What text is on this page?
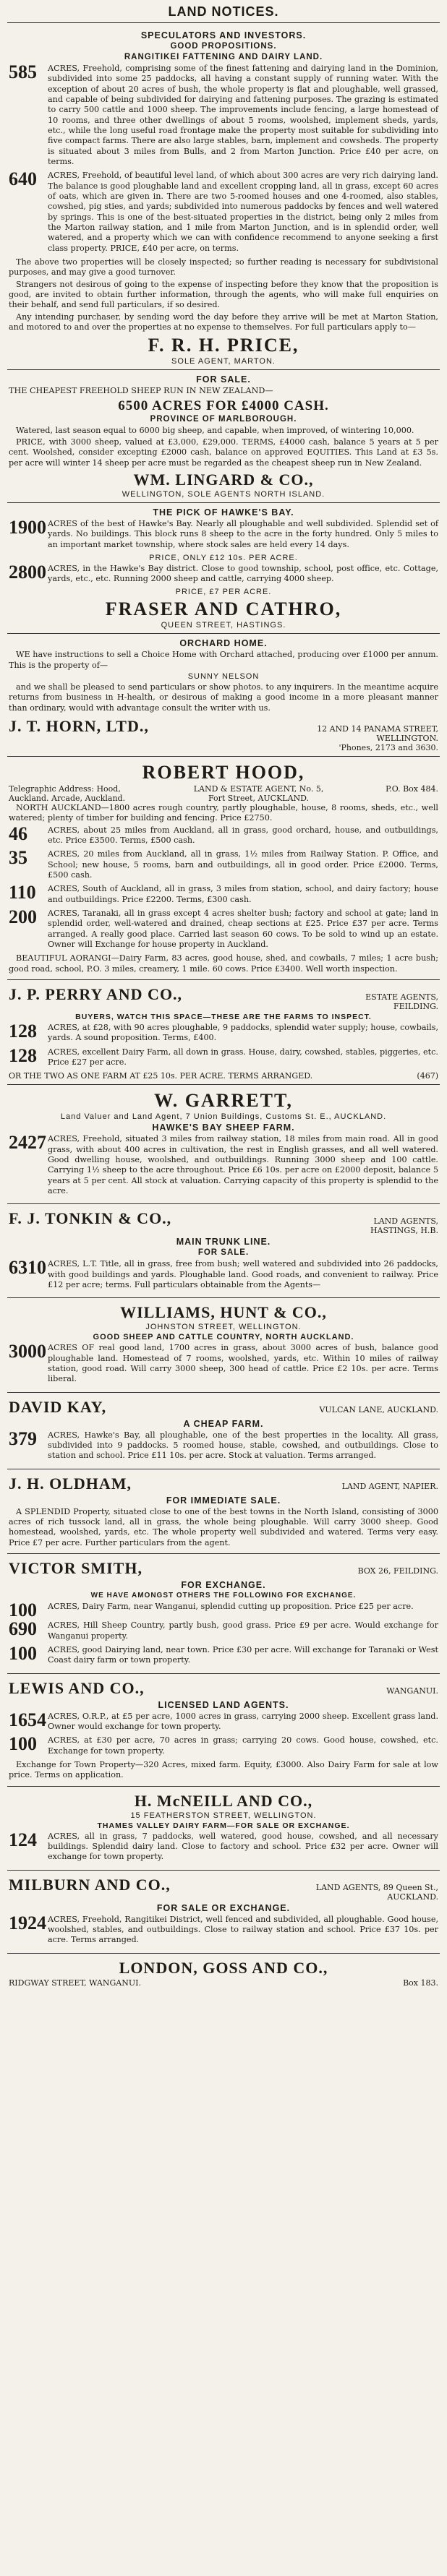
LAND NOTICES.
SPECULATORS AND INVESTORS.
GOOD PROPOSITIONS.
RANGITIKEI FATTENING AND DAIRY LAND.
585	ACRES, Freehold, comprising some of the finest fattening and dairying land in the Dominion, subdivided into some 25 paddocks, all having a constant supply of running water. With the exception of about 20 acres of bush, the whole property is flat and ploughable, well grassed, and capable of being subdivided for dairying and fattening purposes. The grazing is estimated to carry 500 cattle and 1000 sheep. The improvements include fencing, a large homestead of 10 rooms, and three other dwellings of about 5 rooms, woolshed, implement sheds, yards, etc., while the long useful road frontage make the property most suitable for subdividing into five compact farms. There are also large stables, barn, implement and cowsheds. The property is situated about 3 miles from Bulls, and 2 from Marton Junction. Price £40 per acre, on terms.
640	ACRES, Freehold, of beautiful level land, of which about 300 acres are very rich dairying land. The balance is good ploughable land and excellent cropping land, all in grass, except 60 acres of oats, which are given in. There are two 5-roomed houses and one 4-roomed, also stables, cowshed, pig sties, and yards; subdivided into numerous paddocks by fences and well watered by springs. This is one of the best-situated properties in the district, being only 2 miles from the Marton railway station, and 1 mile from Marton Junction, and is in splendid order, well watered, and a property which we can with confidence recommend to anyone seeking a first class property. PRICE, £40 per acre, on terms.
The above two properties will be closely inspected; so further reading is necessary for subdivisional purposes, and may give a good turnover.
Strangers not desirous of going to the expense of inspecting before they know that the proposition is good, are invited to obtain further information, through the agents, who will make full enquiries on their behalf, and send full particulars, if so desired.
Any intending purchaser, by sending word the day before they arrive will be met at Marton Station, and motored to and over the properties at no expense to themselves. For full particulars apply to—
F. R. H. PRICE,
SOLE AGENT, MARTON.
FOR SALE.
THE CHEAPEST FREEHOLD SHEEP RUN IN NEW ZEALAND—
6500 ACRES FOR £4000 CASH.
PROVINCE OF MARLBOROUGH.
Watered, last season equal to 6000 big sheep, and capable, when improved, of wintering 10,000.
PRICE, with 3000 sheep, valued at £3,000, £29,000. TERMS, £4000 cash, balance 5 years at 5 per cent. Woolshed, consider excepting £2000 cash, balance on approved EQUITIES. This Land at £3 5s. per acre will winter 14 sheep per acre must be regarded as the cheapest sheep run in New Zealand.
WM. LINGARD & CO.,
WELLINGTON, SOLE AGENTS NORTH ISLAND.
THE PICK OF HAWKE'S BAY.
1900 ACRES of the best of Hawke's Bay. Nearly all ploughable and well subdivided. Splendid set of yards. No buildings. This block runs 8 sheep to the acre in the forty hundred. Only 5 miles to an important market township, where stock sales are held every 14 days.
PRICE, ONLY £12 10s. PER ACRE.
2800 ACRES, in the Hawke's Bay district. Close to good township, school, post office, etc. Cottage, yards, etc., etc. Running 2000 sheep and cattle, carrying 4000 sheep.
PRICE, £7 PER ACRE.
FRASER AND CATHRO,
QUEEN STREET, HASTINGS.
ORCHARD HOME.
WE have instructions to sell a Choice Home with Orchard attached, producing over £1000 per annum. This is the property of—
SUNNY NELSON
and we shall be pleased to send particulars or show photos. to any inquirers. In the meantime acquire returns from business in H-health, or desirous of making a good income in a more pleasant manner than ordinary, would with advantage consult the writer with us.
J. T. HORN, LTD.,	12 AND 14 PANAMA STREET, WELLINGTON.
'Phones, 2173 and 3630.
ROBERT HOOD,
Telegraphic Address: Hood, Auckland. Arcade, Auckland.
LAND & ESTATE AGENT, No. 5, Fort Street, AUCKLAND.
P.O. Box 484.
NORTH AUCKLAND—1800 acres rough country, partly ploughable, house, 8 rooms, sheds, etc., well watered; plenty of timber for building and fencing. Price £2750.
46	ACRES, about 25 miles from Auckland, all in grass, good orchard, house, and outbuildings, etc. Price £3500. Terms, £500 cash.
35	ACRES, 20 miles from Auckland, all in grass, 1½ miles from Railway Station. P. Office, and School; new house, 5 rooms, barn and outbuildings, all in good order. Price £2000. Terms, £500 cash.
110	ACRES, South of Auckland, all in grass, 3 miles from station, school, and dairy factory; house and outbuildings. Price £2200. Terms, £300 cash.
200	ACRES, Taranaki, all in grass except 4 acres shelter bush; factory and school at gate; land in splendid order, well-watered and drained, cheap sections at £25. Price £37 per acre. Terms arranged. A really good place. Carried last season 60 cows. To be sold to wind up an estate. Owner will Exchange for house property in Auckland.
BEAUTIFUL AORANGI—Dairy Farm, 83 acres, good house, shed, and cowbails, 7 miles; 1 acre bush; good road, school, P.O. 3 miles, creamery, 1 mile. 60 cows. Price £3400. Well worth inspection.
J. P. PERRY AND CO.,	ESTATE AGENTS, FEILDING.
BUYERS, WATCH THIS SPACE—THESE ARE THE FARMS TO INSPECT.
128	ACRES, at £28, with 90 acres ploughable, 9 paddocks, splendid water supply; house, cowbails, yards. A sound proposition. Terms, £400.
128	ACRES, excellent Dairy Farm, all down in grass. House, dairy, cowshed, stables, piggeries, etc. Price £27 per acre.
OR THE TWO AS ONE FARM AT £25 10s. PER ACRE. TERMS ARRANGED.	(467)
W. GARRETT,
Land Valuer and Land Agent, 7 Union Buildings, Customs St. E., AUCKLAND.
HAWKE'S BAY SHEEP FARM.
2427 ACRES, Freehold, situated 3 miles from railway station, 18 miles from main road. All in good grass, with about 400 acres in cultivation, the rest in English grasses, and all well watered. Good dwelling house, woolshed, and outbuildings. Running 3000 sheep and 100 cattle. Carrying 1½ sheep to the acre throughout. Price £6 10s. per acre on £2000 deposit, balance 5 years at 5 per cent. All stock at valuation. Carrying capacity of this property is splendid to the acre.
F. J. TONKIN & CO.,	LAND AGENTS, HASTINGS, H.B.
MAIN TRUNK LINE.
FOR SALE.
6310 ACRES, L.T. Title, all in grass, free from bush; well watered and subdivided into 26 paddocks, with good buildings and yards. Ploughable land. Good roads, and convenient to railway. Price £12 per acre; terms. Full particulars obtainable from the Agents—
WILLIAMS, HUNT & CO.,
JOHNSTON STREET, WELLINGTON.
GOOD SHEEP AND CATTLE COUNTRY, NORTH AUCKLAND.
3000 ACRES OF real good land, 1700 acres in grass, about 3000 acres of bush, balance good ploughable land. Homestead of 7 rooms, woolshed, yards, etc. Within 10 miles of railway station, good road. Will carry 3000 sheep, 300 head of cattle. Price £2 10s. per acre. Terms liberal.
DAVID KAY,	VULCAN LANE, AUCKLAND.
A CHEAP FARM.
379	ACRES, Hawke's Bay, all ploughable, one of the best properties in the locality. All grass, subdivided into 9 paddocks. 5 roomed house, stable, cowshed, and outbuildings. Close to station and school. Price £11 10s. per acre. Stock at valuation. Terms arranged.
J. H. OLDHAM,	LAND AGENT, NAPIER.
FOR IMMEDIATE SALE.
A SPLENDID Property, situated close to one of the best towns in the North Island, consisting of 3000 acres of rich tussock land, all in grass, the whole being ploughable. Will carry 3000 sheep. Good homestead, woolshed, yards, etc. The whole property well subdivided and watered. Terms very easy. Price £7 per acre. Further particulars from the agent.
VICTOR SMITH,	BOX 26, FEILDING.
FOR EXCHANGE.
WE HAVE AMONGST OTHERS THE FOLLOWING FOR EXCHANGE.
100	ACRES, Dairy Farm, near Wanganui, splendid cutting up proposition. Price £25 per acre.
690	ACRES, Hill Sheep Country, partly bush, good grass. Price £9 per acre. Would exchange for Wanganui property.
100	ACRES, good Dairying land, near town. Price £30 per acre. Will exchange for Taranaki or West Coast dairy farm or town property.
LEWIS AND CO.,	WANGANUI.
LICENSED LAND AGENTS.
1654 ACRES, O.R.P., at £5 per acre, 1000 acres in grass, carrying 2000 sheep. Excellent grass land. Owner would exchange for town property.
100	ACRES, at £30 per acre, 70 acres in grass; carrying 20 cows. Good house, cowshed, etc. Exchange for town property.
Exchange for Town Property—320 Acres, mixed farm. Equity, £3000. Also Dairy Farm for sale at low price. Terms on application.
H. McNEILL AND CO.,
15 FEATHERSTON STREET, WELLINGTON.
THAMES VALLEY DAIRY FARM—FOR SALE OR EXCHANGE.
124	ACRES, all in grass, 7 paddocks, well watered, good house, cowshed, and all necessary buildings. Splendid dairy land. Close to factory and school. Price £32 per acre. Owner will exchange for town property.
MILBURN AND CO.,	LAND AGENTS, 89 Queen St., AUCKLAND.
FOR SALE OR EXCHANGE.
1924 ACRES, Freehold, Rangitikei District, well fenced and subdivided, all ploughable. Good house, woolshed, stables, and outbuildings. Close to railway station and school. Price £37 10s. per acre. Terms arranged.
LONDON, GOSS AND CO.,
RIDGWAY STREET, WANGANUI.	Box 183.
